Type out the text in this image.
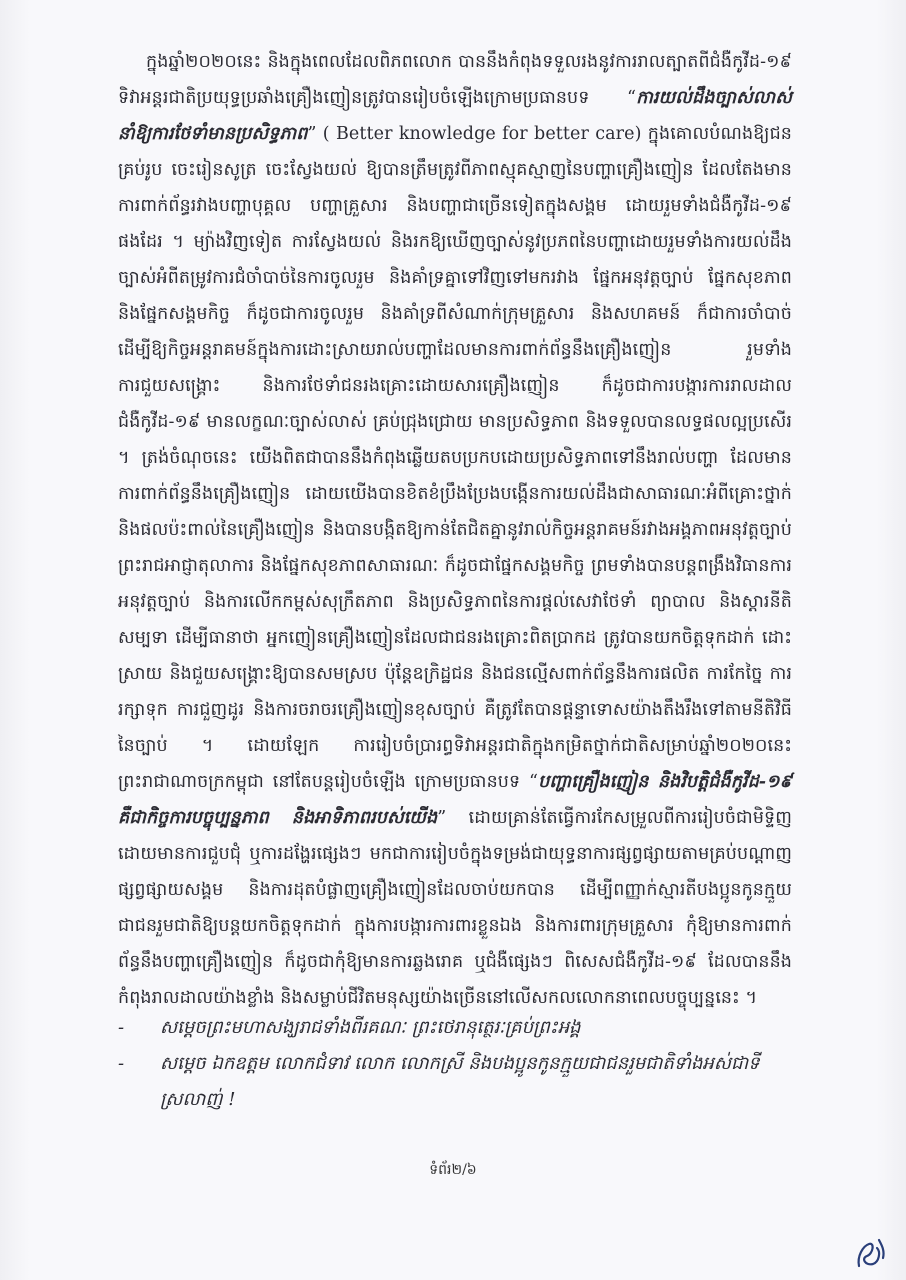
ក្នុងឆ្នាំ២០២០នេះ និងក្នុងពេលដែលពិភពលោក បាននឹងកំពុងទទួលរងនូវការរាលត្បាតពីជំងឺកូវីដ-១៩ ទិវាអន្តរជាតិប្រយុទ្ធប្រឆាំងគ្រឿងញៀនត្រូវបានរៀបចំឡើងក្រោមប្រធានបទ “ការយល់ដឹងច្បាស់លាស់នាំឱ្យការថែទាំមានប្រសិទ្ធភាព” ( Better knowledge for better care) ក្នុងគោលបំណងឱ្យជនគ្រប់រូប ចេះរៀនសូត្រ ចេះស្វែងយល់ ឱ្យបានត្រឹមត្រូវពីភាពស្មុគស្មាញនៃបញ្ហាគ្រឿងញៀន ដែលតែងមានការពាក់ព័ន្ធរវាងបញ្ហាបុគ្គល បញ្ហាគ្រួសារ និងបញ្ហាជាច្រើនទៀតក្នុងសង្គម ដោយរួមទាំងជំងឺកូវីដ-១៩ ផងដែរ ។ ម្យ៉ាងវិញទៀត ការស្វែងយល់ និងរកឱ្យឃើញច្បាស់នូវប្រភពនៃបញ្ហាដោយរួមទាំងការយល់ដឹងច្បាស់អំពីតម្រូវការជំចាំបាច់នៃការចូលរួម និងគាំទ្រគ្នាទៅវិញទៅមករវាង ផ្នែកអនុវត្តច្បាប់ ផ្នែកសុខភាព និងផ្នែកសង្គមកិច្ច ក៏ដូចជាការចូលរួម និងគាំទ្រពីសំណាក់ក្រុមគ្រួសារ និងសហគមន៍ ក៏ជាការចាំបាច់ ដើម្បីឱ្យកិច្ចអន្តរាគមន៍ក្នុងការដោះស្រាយរាល់បញ្ហាដែលមានការពាក់ព័ន្ធនឹងគ្រឿងញៀន រួមទាំងការជួយសង្គ្រោះ និងការថែទាំជនរងគ្រោះដោយសារគ្រឿងញៀន ក៏ដូចជាការបង្ការការរាលដាលជំងឺកូវីដ-១៩ មានលក្ខណៈច្បាស់លាស់ គ្រប់ជ្រុងជ្រោយ មានប្រសិទ្ធភាព និងទទួលបានលទ្ធផលល្អប្រសើរ ។ ត្រង់ចំណុចនេះ យើងពិតជាបាននឹងកំពុងឆ្លើយតបប្រកបដោយប្រសិទ្ធភាពទៅនឹងរាល់បញ្ហា ដែលមានការពាក់ព័ន្ធនឹងគ្រឿងញៀន ដោយយើងបានខិតខំប្រឹងប្រែងបង្កើនការយល់ដឹងជាសាធារណៈអំពីគ្រោះថ្នាក់ និងផលប៉ះពាល់នៃគ្រឿងញៀន និងបានបង្កិតឱ្យកាន់តែជិតគ្នានូវរាល់កិច្ចអន្តរាគមន៍រវាងអង្គភាពអនុវត្តច្បាប់ ព្រះរាជអាជ្ញាតុលាការ និងផ្នែកសុខភាពសាធារណៈ ក៏ដូចជាផ្នែកសង្គមកិច្ច ព្រមទាំងបានបន្តពង្រឹងវិធានការអនុវត្តច្បាប់ និងការលើកកម្ពស់សុក្រឹតភាព និងប្រសិទ្ធភាពនៃការផ្តល់សេវាថែទាំ ព្យាបាល និងស្តារនីតិសម្បទា ដើម្បីធានាថា អ្នកញៀនគ្រឿងញៀនដែលជាជនរងគ្រោះពិតប្រាកដ ត្រូវបានយកចិត្តទុកដាក់ ដោះស្រាយ និងជួយសង្គ្រោះឱ្យបានសមស្រប ប៉ុន្តែឧក្រិដ្ឋជន និងជនល្មើសពាក់ព័ន្ធនឹងការផលិត ការកែច្នៃ ការរក្សាទុក ការជួញដូរ និងការចរាចរគ្រឿងញៀនខុសច្បាប់ គឺត្រូវតែបានផ្តន្ទាទោសយ៉ាងតឹងរឹងទៅតាមនីតិវិធីនៃច្បាប់ ។ ដោយឡែក ការរៀបចំប្រារព្ធទិវាអន្តរជាតិក្នុងកម្រិតថ្នាក់ជាតិសម្រាប់ឆ្នាំ២០២០នេះ ព្រះរាជាណាចក្រកម្ពុជា នៅតែបន្តរៀបចំឡើង ក្រោមប្រធានបទ “បញ្ហាគ្រឿងញៀន និងវិបត្តិជំងឺកូវីដ-១៩ គឺជាកិច្ចការបច្ចុប្បន្នភាព និងអាទិភាពរបស់យើង” ដោយគ្រាន់តែធ្វើការកែសម្រួលពីការរៀបចំជាមិទ្ទិញ ដោយមានការជួបជុំ ឬការដង្ហែរផ្សេងៗ មកជាការរៀបចំក្នុងទម្រង់ជាយុទ្ធនាការផ្សព្វផ្សាយតាមគ្រប់បណ្តាញផ្សព្វផ្សាយសង្គម និងការដុតបំផ្លាញគ្រឿងញៀនដែលចាប់យកបាន ដើម្បីពញ្ញាក់ស្មារតីបងប្អូនកូនក្មួយជាជនរួមជាតិឱ្យបន្តយកចិត្តទុកដាក់ ក្នុងការបង្ការការពារខ្លួនឯង និងការពារក្រុមគ្រួសារ កុំឱ្យមានការពាក់ព័ន្ធនឹងបញ្ហាគ្រឿងញៀន ក៏ដូចជាកុំឱ្យមានការឆ្លងរោគ ឬជំងឺផ្សេងៗ ពិសេសជំងឺកូវីដ-១៩ ដែលបាននឹងកំពុងរាលដាលយ៉ាងខ្លាំង និងសម្លាប់ជីវិតមនុស្សយ៉ាងច្រើននៅលើសកលលោកនាពេលបច្ចុប្បន្ននេះ ។

-	សម្តេចព្រះមហាសង្ឃរាជទាំងពីរគណៈ ព្រះថេរានុត្ថេរៈគ្រប់ព្រះអង្គ
-	សម្តេច ឯកឧត្តម លោកជំទាវ លោក លោកស្រី និងបងប្អូនកូនក្មួយជាជនរួមជាតិទាំងអស់ជាទីស្រលាញ់ !
ទំព័រ២/៦
